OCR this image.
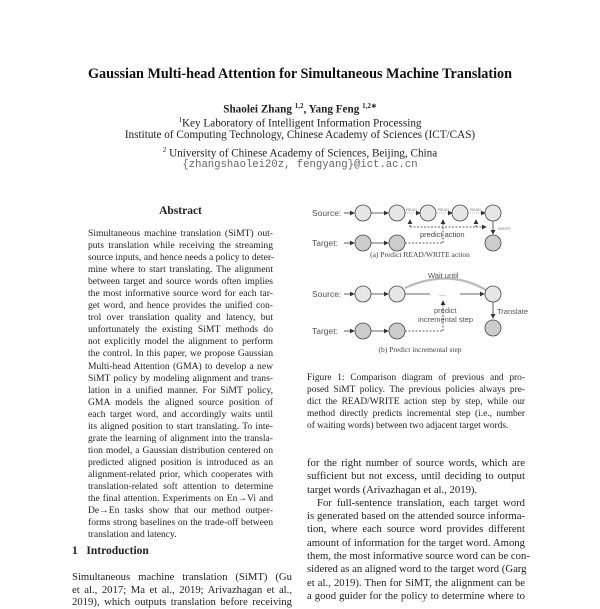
Gaussian Multi-head Attention for Simultaneous Machine Translation
Shaolei Zhang $^{1,2}$, Yang Feng $^{1,2∗}$
$^1$Key Laboratory of Intelligent Information Processing
Institute of Computing Technology, Chinese Academy of Sciences (ICT/CAS)
$^2$ University of Chinese Academy of Sciences, Beijing, China
{zhangshaolei20z, fengyang}@ict.ac.cn
Abstract
Simultaneous machine translation (SiMT) out-
puts translation while receiving the streaming
source inputs, and hence needs a policy to deter-
mine where to start translating. The alignment
between target and source words often implies
the most informative source word for each tar-
get word, and hence provides the unified con-
trol over translation quality and latency, but
unfortunately the existing SiMT methods do
not explicitly model the alignment to perform
the control. In this paper, we propose Gaussian
Multi-head Attention (GMA) to develop a new
SiMT policy by modeling alignment and trans-
lation in a unified manner. For SiMT policy,
GMA models the aligned source position of
each target word, and accordingly waits until
its aligned position to start translating. To inte-
grate the learning of alignment into the transla-
tion model, a Gaussian distribution centered on
predicted aligned position is introduced as an
alignment-related prior, which cooperates with
translation-related soft attention to determine
the final attention. Experiments on En→Vi and
De→En tasks show that our method outper-
forms strong baselines on the trade-off between
translation and latency.
1 Introduction
Simultaneous machine translation (SiMT) (Gu
et al., 2017; Ma et al., 2019; Arivazhagan et al.,
2019), which outputs translation before receiving
Source:
Target:
READ	READ	READ
WRITE
predict action
(a) Predict READ/WRITE action
Source:
Target:
Wait until
...
predict
incremental step
Translate
(b) Predict incremental step
Figure 1: Comparison diagram of previous and pro-
posed SiMT policy. The previous policies always pre-
dict the READ/WRITE action step by step, while our
method directly predicts incremental step (i.e., number
of waiting words) between two adjacent target words.
for the right number of source words, which are
sufficient but not excess, until deciding to output
target words (Arivazhagan et al., 2019).
For full-sentence translation, each target word
is generated based on the attended source informa-
tion, where each source word provides different
amount of information for the target word. Among
them, the most informative source word can be con-
sidered as an aligned word to the target word (Garg
et al., 2019). Then for SiMT, the alignment can be
a good guider for the policy to determine where to
